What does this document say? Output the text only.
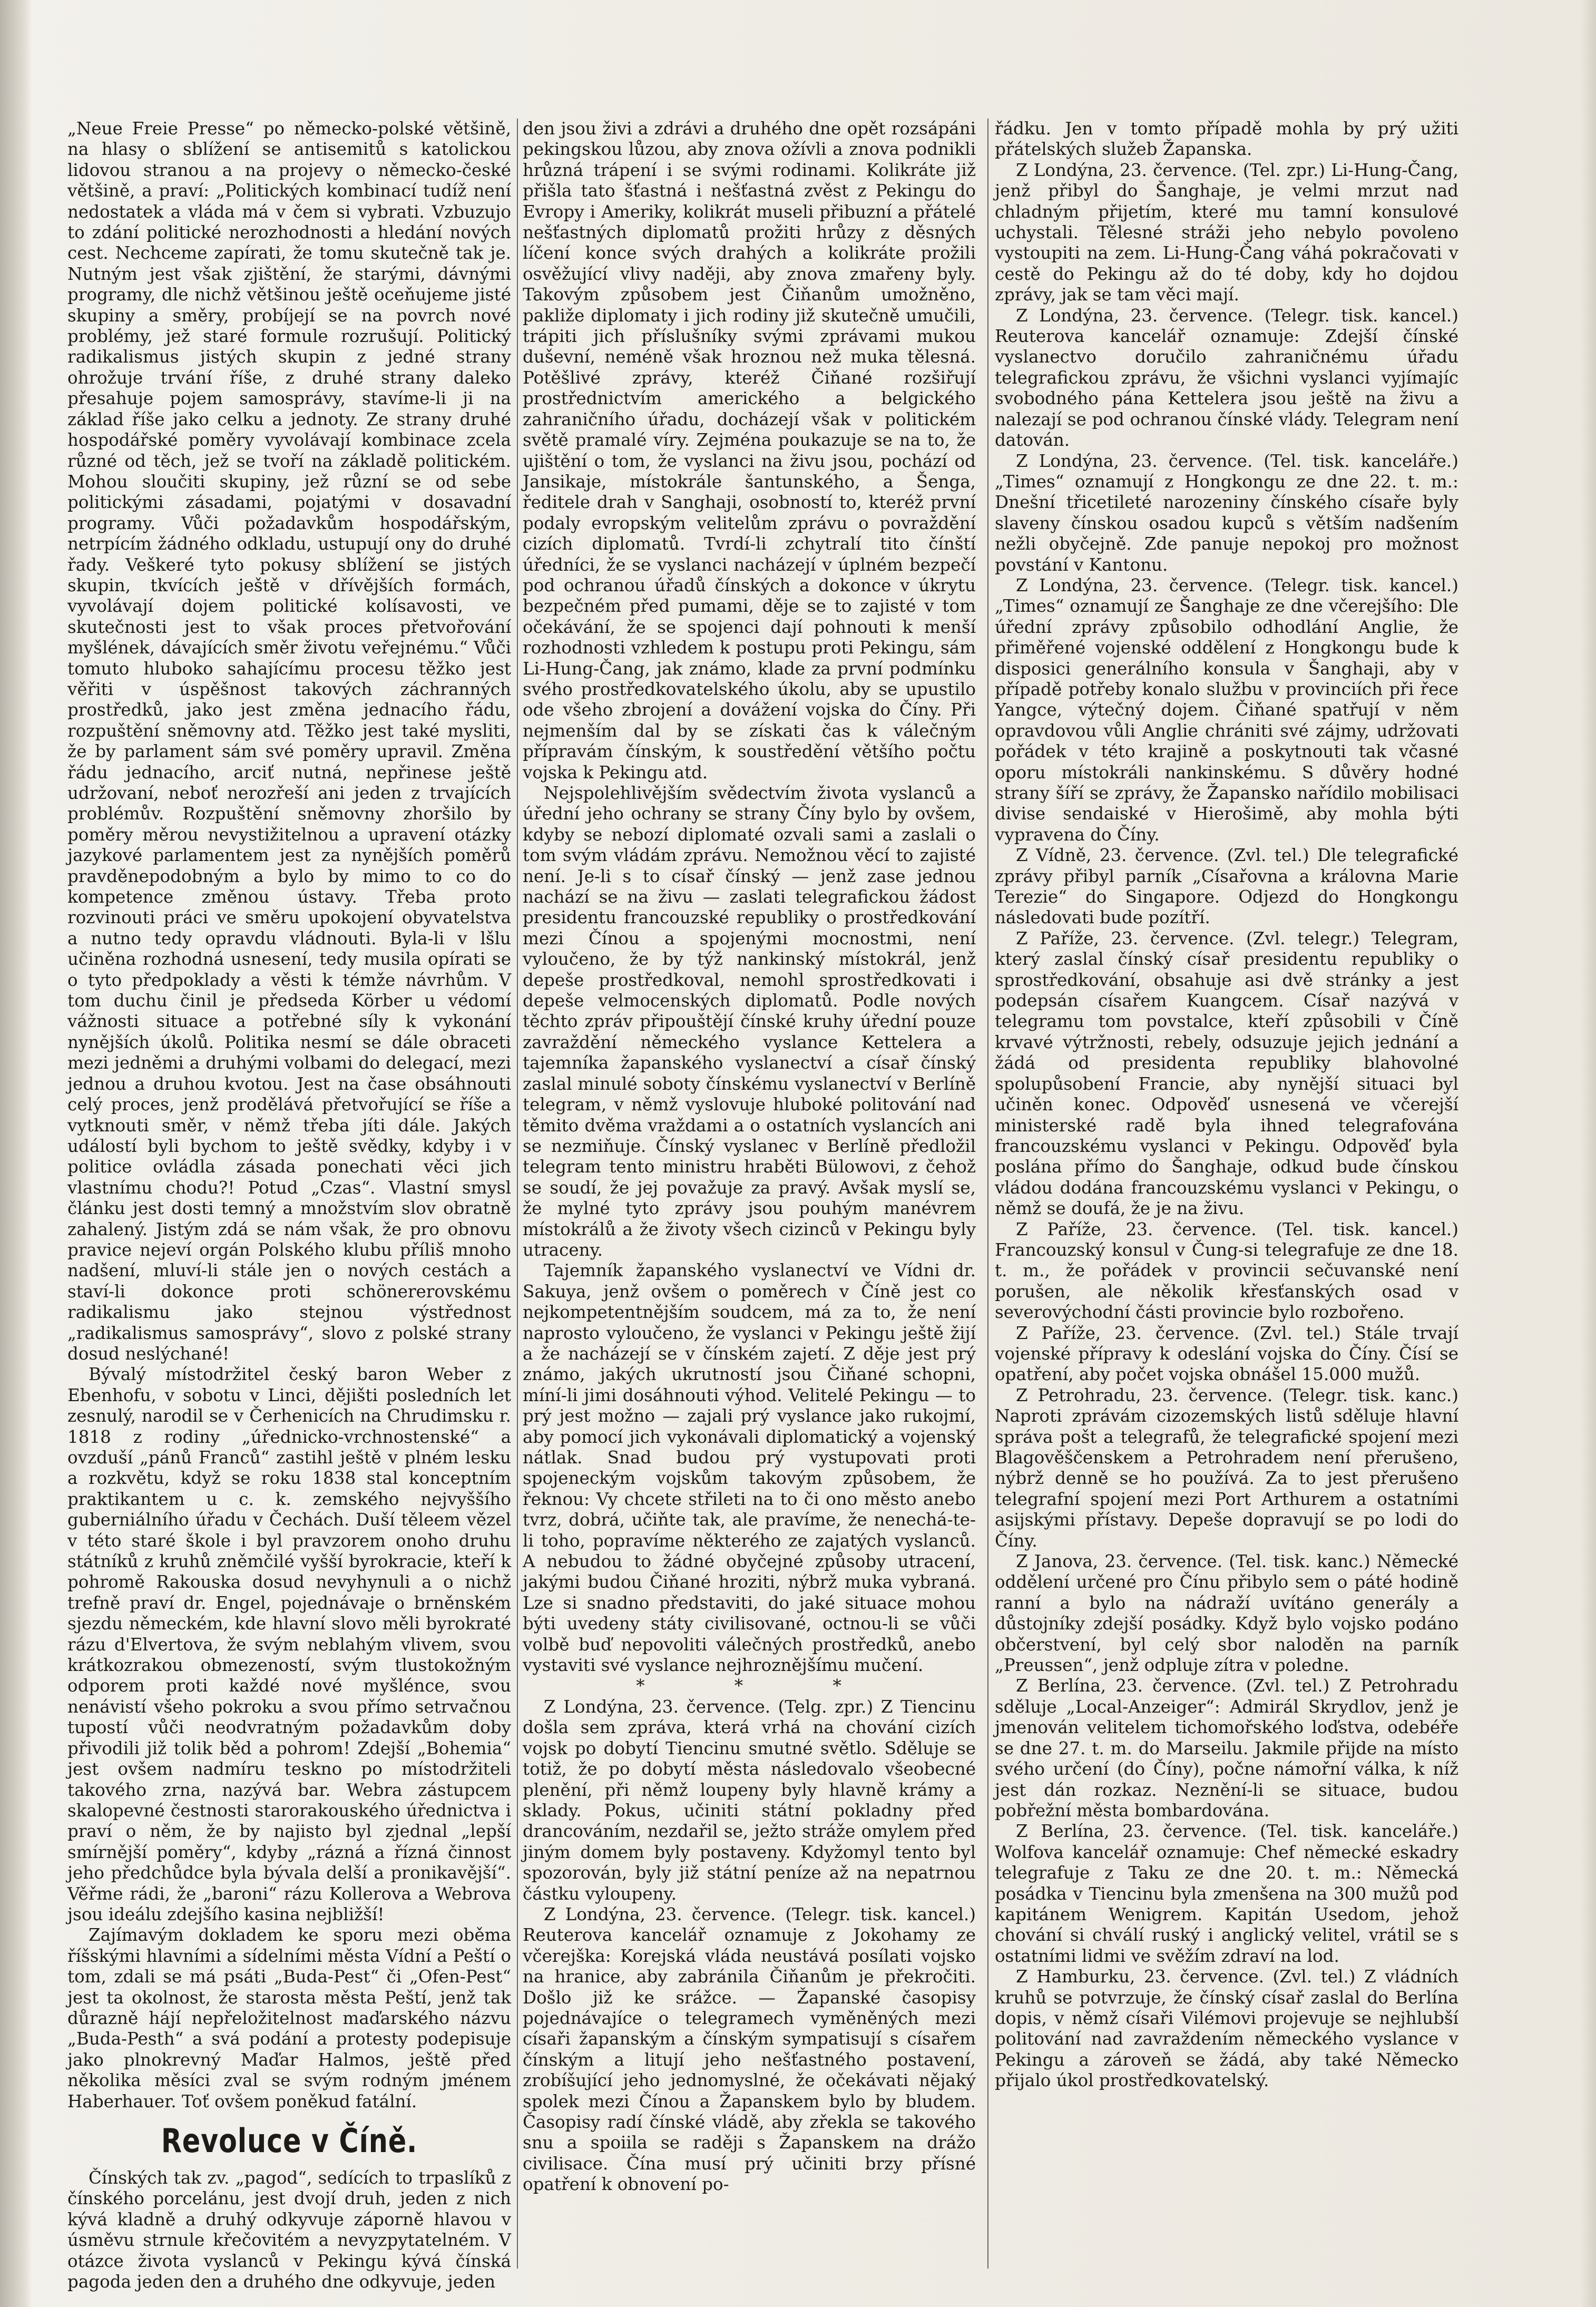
„Neue Freie Presse“ po německo-polské většině, na hlasy o sblížení se antisemitů s katolickou lidovou stranou a na projevy o německo-české většině, a praví: „Politických kombinací tudíž není nedostatek a vláda má v čem si vybrati. Vzbuzujo to zdání politické nerozhodnosti a hledání nových cest. Nechceme zapírati, že tomu skutečně tak je. Nutným jest však zjištění, že starými, dávnými programy, dle nichž většinou ještě oceňujeme jisté skupiny a směry, probíjejí se na povrch nové problémy, jež staré formule rozrušují. Politický radikalismus jistých skupin z jedné strany ohrožuje trvání říše, z druhé strany daleko přesahuje pojem samosprávy, stavíme-li ji na základ říše jako celku a jednoty. Ze strany druhé hospodářské poměry vyvolávají kombinace zcela různé od těch, jež se tvoří na základě politickém. Mohou sloučiti skupiny, jež různí se od sebe politickými zásadami, pojatými v dosavadní programy. Vůči požadavkům hospodářským, netrpícím žádného odkladu, ustupují ony do druhé řady. Veškeré tyto pokusy sblížení se jistých skupin, tkvících ještě v dřívějších formách, vyvolávají dojem politické kolísavosti, ve skutečnosti jest to však proces přetvořování myšlének, dávajících směr životu veřejnému.“ Vůči tomuto hluboko sahajícímu procesu těžko jest věřiti v úspěšnost takových záchranných prostředků, jako jest změna jednacího řádu, rozpuštění sněmovny atd. Těžko jest také mysliti, že by parlament sám své poměry upravil. Změna řádu jednacího, arciť nutná, nepřinese ještě udržovaní, neboť nerozřeší ani jeden z trvajících problémův. Rozpuštění sněmovny zhoršilo by poměry měrou nevystižitelnou a upravení otázky jazykové parlamentem jest za nynějších poměrů pravděnepodobným a bylo by mimo to co do kompetence změnou ústavy. Třeba proto rozvinouti práci ve směru upokojení obyvatelstva a nutno tedy opravdu vládnouti. Byla-li v lšlu učiněna rozhodná usnesení, tedy musila opírati se o tyto předpoklady a věsti k témže návrhům. V tom duchu činil je předseda Körber u védomí vážnosti situace a potřebné síly k vykonání nynějších úkolů. Politika nesmí se dále obraceti mezi jedněmi a druhými volbami do delegací, mezi jednou a druhou kvotou. Jest na čase obsáhnouti celý proces, jenž prodělává přetvořující se říše a vytknouti směr, v němž třeba jíti dále. Jakých událostí byli bychom to ještě svědky, kdyby i v politice ovládla zásada ponechati věci jich vlastnímu chodu?! Potud „Czas“. Vlastní smysl článku jest dosti temný a množstvím slov obratně zahalený. Jistým zdá se nám však, že pro obnovu pravice nejeví orgán Polského klubu příliš mnoho nadšení, mluví-li stále jen o nových cestách a staví-li dokonce proti schönererovskému radikalismu jako stejnou výstřednost „radikalismus samosprávy“, slovo z polské strany dosud neslýchané!

Bývalý místodržitel český baron Weber z Ebenhofu, v sobotu v Linci, dějišti posledních let zesnulý, narodil se v Čerhenicích na Chrudimsku r. 1818 z rodiny „úřednicko-vrchnostenské“ a ovzduší „pánů Franců“ zastihl ještě v plném lesku a rozkvětu, když se roku 1838 stal konceptním praktikantem u c. k. zemského nejvyššího guberniálního úřadu v Čechách. Duší těleem vězel v této staré škole i byl pravzorem onoho druhu státníků z kruhů zněmčilé vyšší byrokracie, kteří k pohromě Rakouska dosud nevyhynuli a o nichž trefně praví dr. Engel, pojednávaje o brněnském sjezdu německém, kde hlavní slovo měli byrokraté rázu d'Elvertova, že svým neblahým vlivem, svou krátkozrakou obmezeností, svým tlustokožným odporem proti každé nové myšlénce, svou nenávistí všeho pokroku a svou přímo setrvačnou tupostí vůči neodvratným požadavkům doby přivodili již tolik běd a pohrom! Zdejší „Bohemia“ jest ovšem nadmíru teskno po místodržiteli takového zrna, nazývá bar. Webra zástupcem skalopevné čestnosti starorakouského úřednictva i praví o něm, že by najisto byl zjednal „lepší smírnější poměry“, kdyby „rázná a řízná činnost jeho předchůdce byla bývala delší a pronikavější“. Věřme rádi, že „baroni“ rázu Kollerova a Webrova jsou ideálu zdejšího kasina nejbližší!

Zajímavým dokladem ke sporu mezi oběma říšskými hlavními a sídelními města Vídní a Peští o tom, zdali se má psáti „Buda-Pest“ či „Ofen-Pest“ jest ta okolnost, že starosta města Peští, jenž tak důrazně hájí nepřeložitelnost maďarského názvu „Buda-Pesth“ a svá podání a protesty podepisuje jako plnokrevný Maďar Halmos, ještě před několika měsíci zval se svým rodným jménem Haberhauer. Toť ovšem poněkud fatální.

Revoluce v Číně.

Čínských tak zv. „pagod“, sedících to trpaslíků z čínského porcelánu, jest dvojí druh, jeden z nich kývá kladně a druhý odkyvuje záporně hlavou v úsměvu strnule křečovitém a nevyzpytatelném. V otázce života vyslanců v Pekingu kývá čínská pagoda jeden den a druhého dne odkyvuje, jeden

den jsou živi a zdrávi a druhého dne opět rozsápáni pekingskou lůzou, aby znova ožívli a znova podnikli hrůzná trápení i se svými rodinami. Kolikráte již přišla tato šťastná i nešťastná zvěst z Pekingu do Evropy i Ameriky, kolikrát museli přibuzní a přátelé nešťastných diplomatů prožiti hrůzy z děsných líčení konce svých drahých a kolikráte prožili osvěžující vlivy naději, aby znova zmařeny byly. Takovým způsobem jest Čiňanům umožněno, pakliže diplomaty i jich rodiny již skutečně umučili, trápiti jich příslušníky svými zprávami mukou duševní, neméně však hroznou než muka tělesná. Potěšlivé zprávy, kteréž Čiňané rozšiřují prostřednictvím amerického a belgického zahraničního úřadu, docházejí však v politickém světě pramalé víry. Zejména poukazuje se na to, že ujištění o tom, že vyslanci na živu jsou, pochází od Jansikaje, místokrále šantunského, a Šenga, ředitele drah v Sanghaji, osobností to, kteréž první podaly evropským velitelům zprávu o povraždění cizích diplomatů. Tvrdí-li zchytralí tito čínští úředníci, že se vyslanci nacházejí v úplném bezpečí pod ochranou úřadů čínských a dokonce v úkrytu bezpečném před pumami, děje se to zajisté v tom očekávání, že se spojenci dají pohnouti k menší rozhodnosti vzhledem k postupu proti Pekingu, sám Li-Hung-Čang, jak známo, klade za první podmínku svého prostředkovatelského úkolu, aby se upustilo ode všeho zbrojení a dovážení vojska do Číny. Při nejmenším dal by se získati čas k válečným přípravám čínským, k soustředění většího počtu vojska k Pekingu atd.

Nejspolehlivějším svědectvím života vyslanců a úřední jeho ochrany se strany Číny bylo by ovšem, kdyby se nebozí diplomaté ozvali sami a zaslali o tom svým vládám zprávu. Nemožnou věcí to zajisté není. Je-li s to císař čínský — jenž zase jednou nachází se na živu — zaslati telegrafickou žádost presidentu francouzské republiky o prostředkování mezi Čínou a spojenými mocnostmi, není vyloučeno, že by týž nankinský místokrál, jenž depeše prostředkoval, nemohl sprostředkovati i depeše velmocenských diplomatů. Podle nových těchto zpráv připouštějí čínské kruhy úřední pouze zavraždění německého vyslance Kettelera a tajemníka žapanského vyslanectví a císař čínský zaslal minulé soboty čínskému vyslanectví v Berlíně telegram, v němž vyslovuje hluboké politování nad těmito dvěma vraždami a o ostatních vyslancích ani se nezmiňuje. Čínský vyslanec v Berlíně předložil telegram tento ministru hraběti Bülowovi, z čehož se soudí, že jej považuje za pravý. Avšak myslí se, že mylné tyto zprávy jsou pouhým manévrem místokrálů a že životy všech cizinců v Pekingu byly utraceny.

Tajemník žapanského vyslanectví ve Vídni dr. Sakuya, jenž ovšem o poměrech v Číně jest co nejkompetentnějším soudcem, má za to, že není naprosto vyloučeno, že vyslanci v Pekingu ještě žijí a že nacházejí se v čínském zajetí. Z děje jest prý známo, jakých ukrutností jsou Čiňané schopni, míní-li jimi dosáhnouti výhod. Velitelé Pekingu — to prý jest možno — zajali prý vyslance jako rukojmí, aby pomocí jich vykonávali diplomatický a vojenský nátlak. Snad budou prý vystupovati proti spojeneckým vojskům takovým způsobem, že řeknou: Vy chcete střileti na to či ono město anebo tvrz, dobrá, učiňte tak, ale pravíme, že nenechá-te-li toho, popravíme některého ze zajatých vyslanců. A nebudou to žádné obyčejné způsoby utracení, jakými budou Čiňané hroziti, nýbrž muka vybraná. Lze si snadno představiti, do jaké situace mohou býti uvedeny státy civilisované, octnou-li se vůči volbě buď nepovoliti válečných prostředků, anebo vystaviti své vyslance nejhroznějšímu mučení.

* * *

Z Londýna, 23. července. (Telg. zpr.) Z Tiencinu došla sem zpráva, která vrhá na chování cizích vojsk po dobytí Tiencinu smutné světlo. Sděluje se totiž, že po dobytí města následovalo všeobecné plenění, při němž loupeny byly hlavně krámy a sklady. Pokus, učiniti státní pokladny před drancováním, nezdařil se, ježto stráže omylem před jiným domem byly postaveny. Kdyžomyl tento byl spozorován, byly již státní peníze až na nepatrnou částku vyloupeny.

Z Londýna, 23. července. (Telegr. tisk. kancel.) Reuterova kancelář oznamuje z Jokohamy ze včerejška: Korejská vláda neustává posílati vojsko na hranice, aby zabránila Čiňanům je překročiti. Došlo již ke srážce. — Žapanské časopisy pojednávajíce o telegramech vyměněných mezi císaři žapanským a čínským sympatisují s císařem čínským a litují jeho nešťastného postavení, zrobíšující jeho jednomyslné, že očekávati nějaký spolek mezi Čínou a Žapanskem bylo by bludem. Časopisy radí čínské vládě, aby zřekla se takového snu a spoiila se raději s Žapanskem na drážo civilisace. Čína musí prý učiniti brzy přísné opatření k obnovení po-

řádku. Jen v tomto případě mohla by prý užiti přátelských služeb Žapanska.

Z Londýna, 23. července. (Tel. zpr.) Li-Hung-Čang, jenž přibyl do Šanghaje, je velmi mrzut nad chladným přijetím, které mu tamní konsulové uchystali. Tělesné stráži jeho nebylo povoleno vystoupiti na zem. Li-Hung-Čang váhá pokračovati v cestě do Pekingu až do té doby, kdy ho dojdou zprávy, jak se tam věci mají.

Z Londýna, 23. července. (Telegr. tisk. kancel.) Reuterova kancelář oznamuje: Zdejší čínské vyslanectvo doručilo zahraničnému úřadu telegrafickou zprávu, že všichni vyslanci vyjímajíc svobodného pána Kettelera jsou ještě na živu a nalezají se pod ochranou čínské vlády. Telegram není datován.

Z Londýna, 23. července. (Tel. tisk. kanceláře.) „Times“ oznamují z Hongkongu ze dne 22. t. m.: Dnešní třicetileté narozeniny čínského císaře byly slaveny čínskou osadou kupců s větším nadšením nežli obyčejně. Zde panuje nepokoj pro možnost povstání v Kantonu.

Z Londýna, 23. července. (Telegr. tisk. kancel.) „Times“ oznamují ze Šanghaje ze dne včerejšího: Dle úřední zprávy způsobilo odhodlání Anglie, že přiměřené vojenské oddělení z Hongkongu bude k disposici generálního konsula v Šanghaji, aby v případě potřeby konalo službu v provinciích při řece Yangce, výtečný dojem. Čiňané spatřují v něm opravdovou vůli Anglie chrániti své zájmy, udržovati pořádek v této krajině a poskytnouti tak včasné oporu místokráli nankinskému. S důvěry hodné strany šíří se zprávy, že Žapansko nařídilo mobilisaci divise sendaiské v Hierošimě, aby mohla býti vypravena do Číny.

Z Vídně, 23. července. (Zvl. tel.) Dle telegrafické zprávy přibyl parník „Císařovna a královna Marie Terezie“ do Singapore. Odjezd do Hongkongu následovati bude pozítří.

Z Paříže, 23. července. (Zvl. telegr.) Telegram, který zaslal čínský císař presidentu republiky o sprostředkování, obsahuje asi dvě stránky a jest podepsán císařem Kuangcem. Císař nazývá v telegramu tom povstalce, kteří způsobili v Číně krvavé výtržnosti, rebely, odsuzuje jejich jednání a žádá od presidenta republiky blahovolné spolupůsobení Francie, aby nynější situaci byl učiněn konec. Odpověď usnesená ve včerejší ministerské radě byla ihned telegrafována francouzskému vyslanci v Pekingu. Odpověď byla poslána přímo do Šanghaje, odkud bude čínskou vládou dodána francouzskému vyslanci v Pekingu, o němž se doufá, že je na živu.

Z Paříže, 23. července. (Tel. tisk. kancel.) Francouzský konsul v Čung-si telegrafuje ze dne 18. t. m., že pořádek v provincii sečuvanské není porušen, ale několik křesťanských osad v severovýchodní části provincie bylo rozbořeno.

Z Paříže, 23. července. (Zvl. tel.) Stále trvají vojenské přípravy k odeslání vojska do Číny. Čísí se opatření, aby počet vojska obnášel 15.000 mužů.

Z Petrohradu, 23. července. (Telegr. tisk. kanc.) Naproti zprávám cizozemských listů sděluje hlavní správa pošt a telegrafů, že telegrafické spojení mezi Blagověščenskem a Petrohradem není přerušeno, nýbrž denně se ho používá. Za to jest přerušeno telegrafní spojení mezi Port Arthurem a ostatními asijskými přístavy. Depeše dopravují se po lodi do Číny.

Z Janova, 23. července. (Tel. tisk. kanc.) Německé oddělení určené pro Čínu přibylo sem o páté hodině ranní a bylo na nádraží uvítáno generály a důstojníky zdejší posádky. Když bylo vojsko podáno občerstvení, byl celý sbor naloděn na parník „Preussen“, jenž odpluje zítra v poledne.

Z Berlína, 23. července. (Zvl. tel.) Z Petrohradu sděluje „Local-Anzeiger“: Admirál Skrydlov, jenž je jmenován velitelem tichomořského loďstva, odebéře se dne 27. t. m. do Marseilu. Jakmile přijde na místo svého určení (do Číny), počne námořní válka, k níž jest dán rozkaz. Neznění-li se situace, budou pobřežní města bombardována.

Z Berlína, 23. července. (Tel. tisk. kanceláře.) Wolfova kancelář oznamuje: Chef německé eskadry telegrafuje z Taku ze dne 20. t. m.: Německá posádka v Tiencinu byla zmenšena na 300 mužů pod kapitánem Wenigrem. Kapitán Usedom, jehož chování si chválí ruský i anglický velitel, vrátil se s ostatními lidmi ve svěžím zdraví na lod.

Z Hamburku, 23. července. (Zvl. tel.) Z vládních kruhů se potvrzuje, že čínský císař zaslal do Berlína dopis, v němž císaři Vilémovi projevuje se nejhlubší politování nad zavraždením německého vyslance v Pekingu a zároveň se žádá, aby také Německo přijalo úkol prostředkovatelský.
